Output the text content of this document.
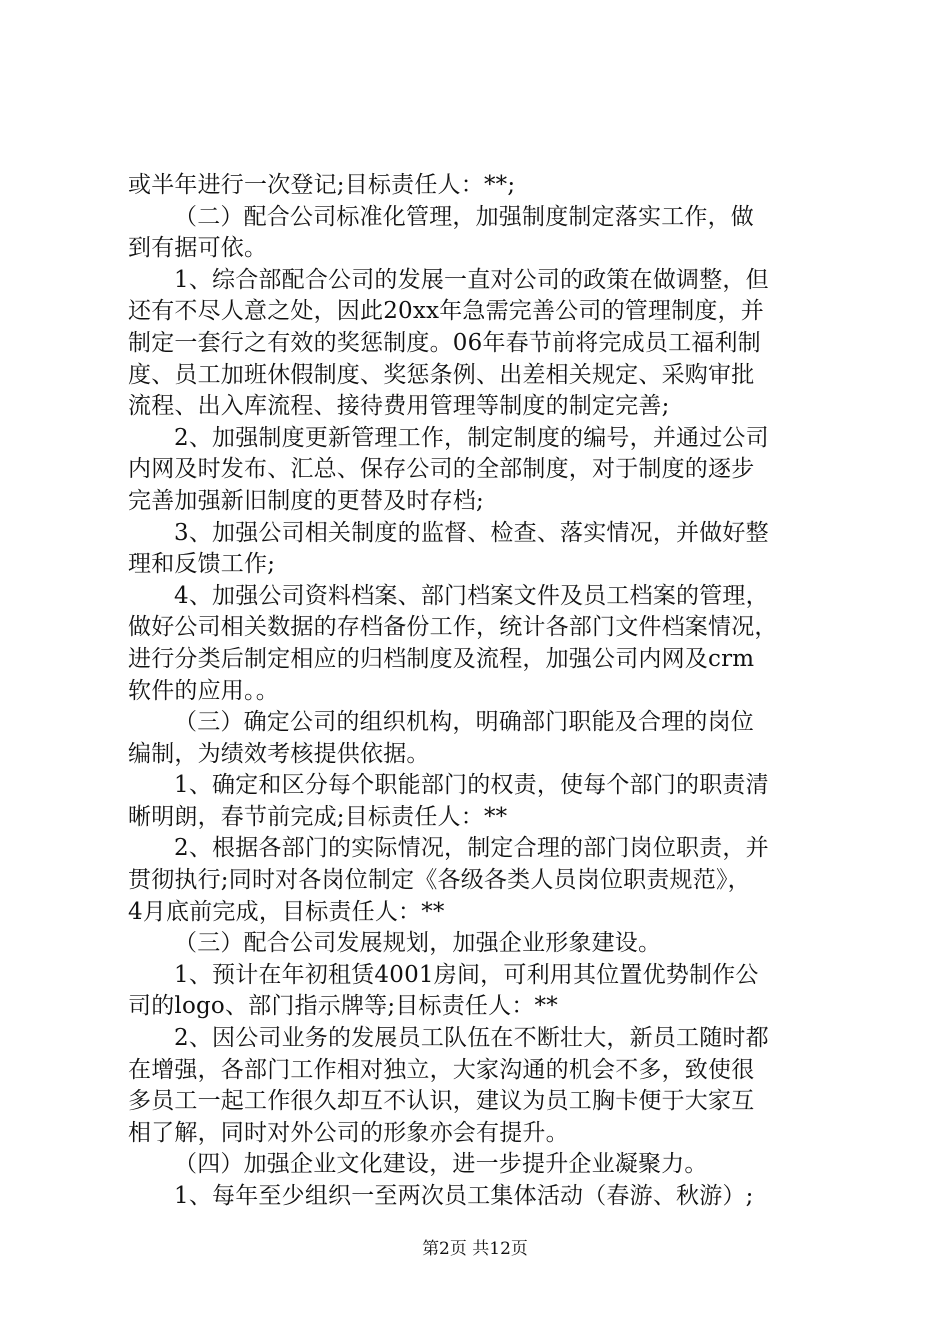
或半年进行一次登记;目标责任人：**;
（二）配合公司标准化管理，加强制度制定落实工作，做
到有据可依。
1、综合部配合公司的发展一直对公司的政策在做调整，但
还有不尽人意之处，因此20xx年急需完善公司的管理制度，并
制定一套行之有效的奖惩制度。06年春节前将完成员工福利制
度、员工加班休假制度、奖惩条例、出差相关规定、采购审批
流程、出入库流程、接待费用管理等制度的制定完善;
2、加强制度更新管理工作，制定制度的编号，并通过公司
内网及时发布、汇总、保存公司的全部制度，对于制度的逐步
完善加强新旧制度的更替及时存档;
3、加强公司相关制度的监督、检查、落实情况，并做好整
理和反馈工作;
4、加强公司资料档案、部门档案文件及员工档案的管理，
做好公司相关数据的存档备份工作，统计各部门文件档案情况，
进行分类后制定相应的归档制度及流程，加强公司内网及crm
软件的应用。。
（三）确定公司的组织机构，明确部门职能及合理的岗位
编制，为绩效考核提供依据。
1、确定和区分每个职能部门的权责，使每个部门的职责清
晰明朗，春节前完成;目标责任人：**
2、根据各部门的实际情况，制定合理的部门岗位职责，并
贯彻执行;同时对各岗位制定《各级各类人员岗位职责规范》，
4月底前完成，目标责任人：**
（三）配合公司发展规划，加强企业形象建设。
1、预计在年初租赁4001房间，可利用其位置优势制作公
司的logo、部门指示牌等;目标责任人：**
2、因公司业务的发展员工队伍在不断壮大，新员工随时都
在增强，各部门工作相对独立，大家沟通的机会不多，致使很
多员工一起工作很久却互不认识，建议为员工胸卡便于大家互
相了解，同时对外公司的形象亦会有提升。
（四）加强企业文化建设，进一步提升企业凝聚力。
1、每年至少组织一至两次员工集体活动（春游、秋游）;
第2页 共12页
